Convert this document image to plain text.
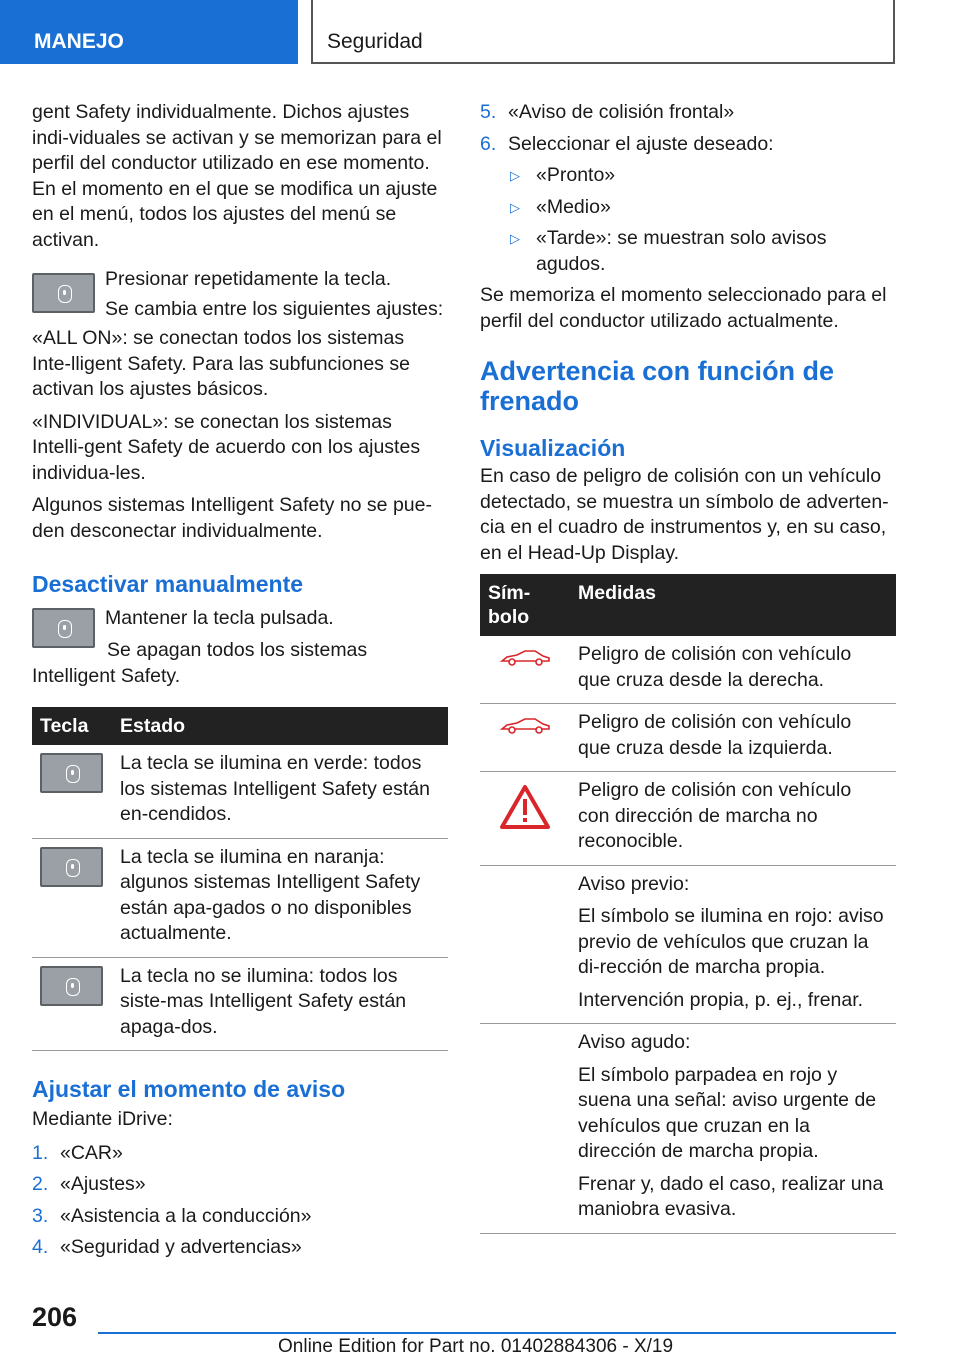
MANEJO	Seguridad

gent Safety individualmente. Dichos ajustes indi-viduales se activan y se memorizan para el perfil del conductor utilizado en ese momento. En el momento en el que se modifica un ajuste en el menú, todos los ajustes del menú se activan.

Presionar repetidamente la tecla.

Se cambia entre los siguientes ajustes:

«ALL ON»: se conectan todos los sistemas Inte-lligent Safety. Para las subfunciones se activan los ajustes básicos.

«INDIVIDUAL»: se conectan los sistemas Intelli-gent Safety de acuerdo con los ajustes individua-les.

Algunos sistemas Intelligent Safety no se pue-den desconectar individualmente.

Desactivar manualmente

Mantener la tecla pulsada.

Se apagan todos los sistemas Intelligent Safety.

Tecla	Estado

	La tecla se ilumina en verde: todos los sistemas Intelligent Safety están en-cendidos.

	La tecla se ilumina en naranja: algunos sistemas Intelligent Safety están apa-gados o no disponibles actualmente.

	La tecla no se ilumina: todos los siste-mas Intelligent Safety están apaga-dos.
Ajustar el momento de aviso

Mediante iDrive:

1. «CAR»
2. «Ajustes»
3. «Asistencia a la conducción»
4. «Seguridad y advertencias»
5. «Aviso de colisión frontal»
6. Seleccionar el ajuste deseado:
▷ «Pronto»
▷ «Medio»
▷ «Tarde»: se muestran solo avisos agudos.

Se memoriza el momento seleccionado para el perfil del conductor utilizado actualmente.

Advertencia con función de frenado
Visualización

En caso de peligro de colisión con un vehículo detectado, se muestra un símbolo de adverten-cia en el cuadro de instrumentos y, en su caso, en el Head-Up Display.

Sím-bolo	Medidas
	Peligro de colisión con vehículo que cruza desde la derecha.
	Peligro de colisión con vehículo que cruza desde la izquierda.
	Peligro de colisión con vehículo con dirección de marcha no reconocible.

	Aviso previo:

El símbolo se ilumina en rojo: aviso previo de vehículos que cruzan la di-rección de marcha propia.

Intervención propia, p. ej., frenar.

	Aviso agudo:

El símbolo parpadea en rojo y suena una señal: aviso urgente de vehículos que cruzan en la dirección de marcha propia.

Frenar y, dado el caso, realizar una maniobra evasiva.

206
Online Edition for Part no. 01402884306 - X/19
